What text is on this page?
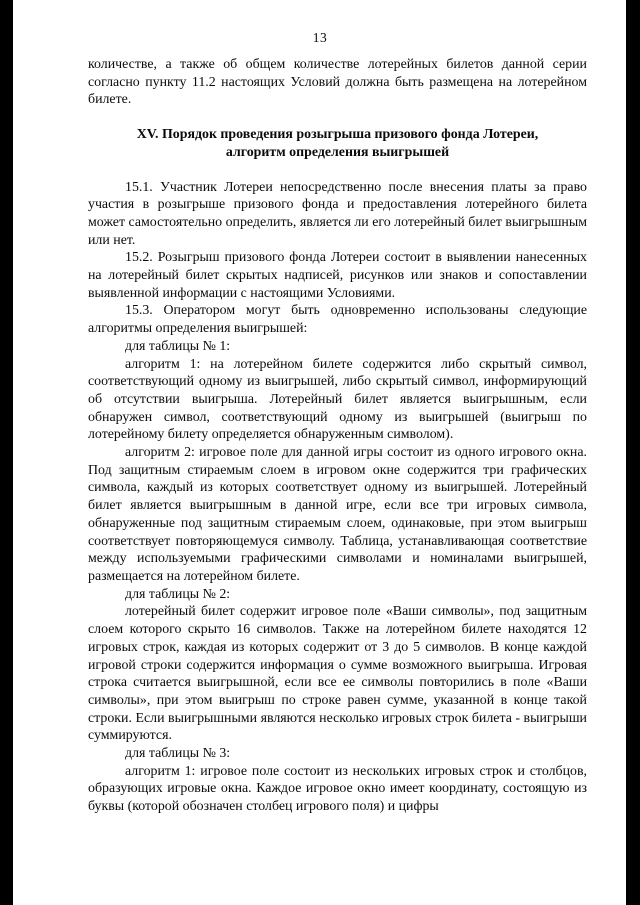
13

количестве, а также об общем количестве лотерейных билетов данной серии согласно пункту 11.2 настоящих Условий должна быть размещена на лотерейном билете.

XV. Порядок проведения розыгрыша призового фонда Лотереи,
алгоритм определения выигрышей

15.1. Участник Лотереи непосредственно после внесения платы за право участия в розыгрыше призового фонда и предоставления лотерейного билета может самостоятельно определить, является ли его лотерейный билет выигрышным или нет.

15.2. Розыгрыш призового фонда Лотереи состоит в выявлении нанесенных на лотерейный билет скрытых надписей, рисунков или знаков и сопоставлении выявленной информации с настоящими Условиями.

15.3. Оператором могут быть одновременно использованы следующие алгоритмы определения выигрышей:

для таблицы № 1:

алгоритм 1: на лотерейном билете содержится либо скрытый символ, соответствующий одному из выигрышей, либо скрытый символ, информирующий об отсутствии выигрыша. Лотерейный билет является выигрышным, если обнаружен символ, соответствующий одному из выигрышей (выигрыш по лотерейному билету определяется обнаруженным символом).

алгоритм 2: игровое поле для данной игры состоит из одного игрового окна. Под защитным стираемым слоем в игровом окне содержится три графических символа, каждый из которых соответствует одному из выигрышей. Лотерейный билет является выигрышным в данной игре, если все три игровых символа, обнаруженные под защитным стираемым слоем, одинаковые, при этом выигрыш соответствует повторяющемуся символу. Таблица, устанавливающая соответствие между используемыми графическими символами и номиналами выигрышей, размещается на лотерейном билете.

для таблицы № 2:

лотерейный билет содержит игровое поле «Ваши символы», под защитным слоем которого скрыто 16 символов. Также на лотерейном билете находятся 12 игровых строк, каждая из которых содержит от 3 до 5 символов. В конце каждой игровой строки содержится информация о сумме возможного выигрыша. Игровая строка считается выигрышной, если все ее символы повторились в поле «Ваши символы», при этом выигрыш по строке равен сумме, указанной в конце такой строки. Если выигрышными являются несколько игровых строк билета - выигрыши суммируются.

для таблицы № 3:

алгоритм 1: игровое поле состоит из нескольких игровых строк и столбцов, образующих игровые окна. Каждое игровое окно имеет координату, состоящую из буквы (которой обозначен столбец игрового поля) и цифры
